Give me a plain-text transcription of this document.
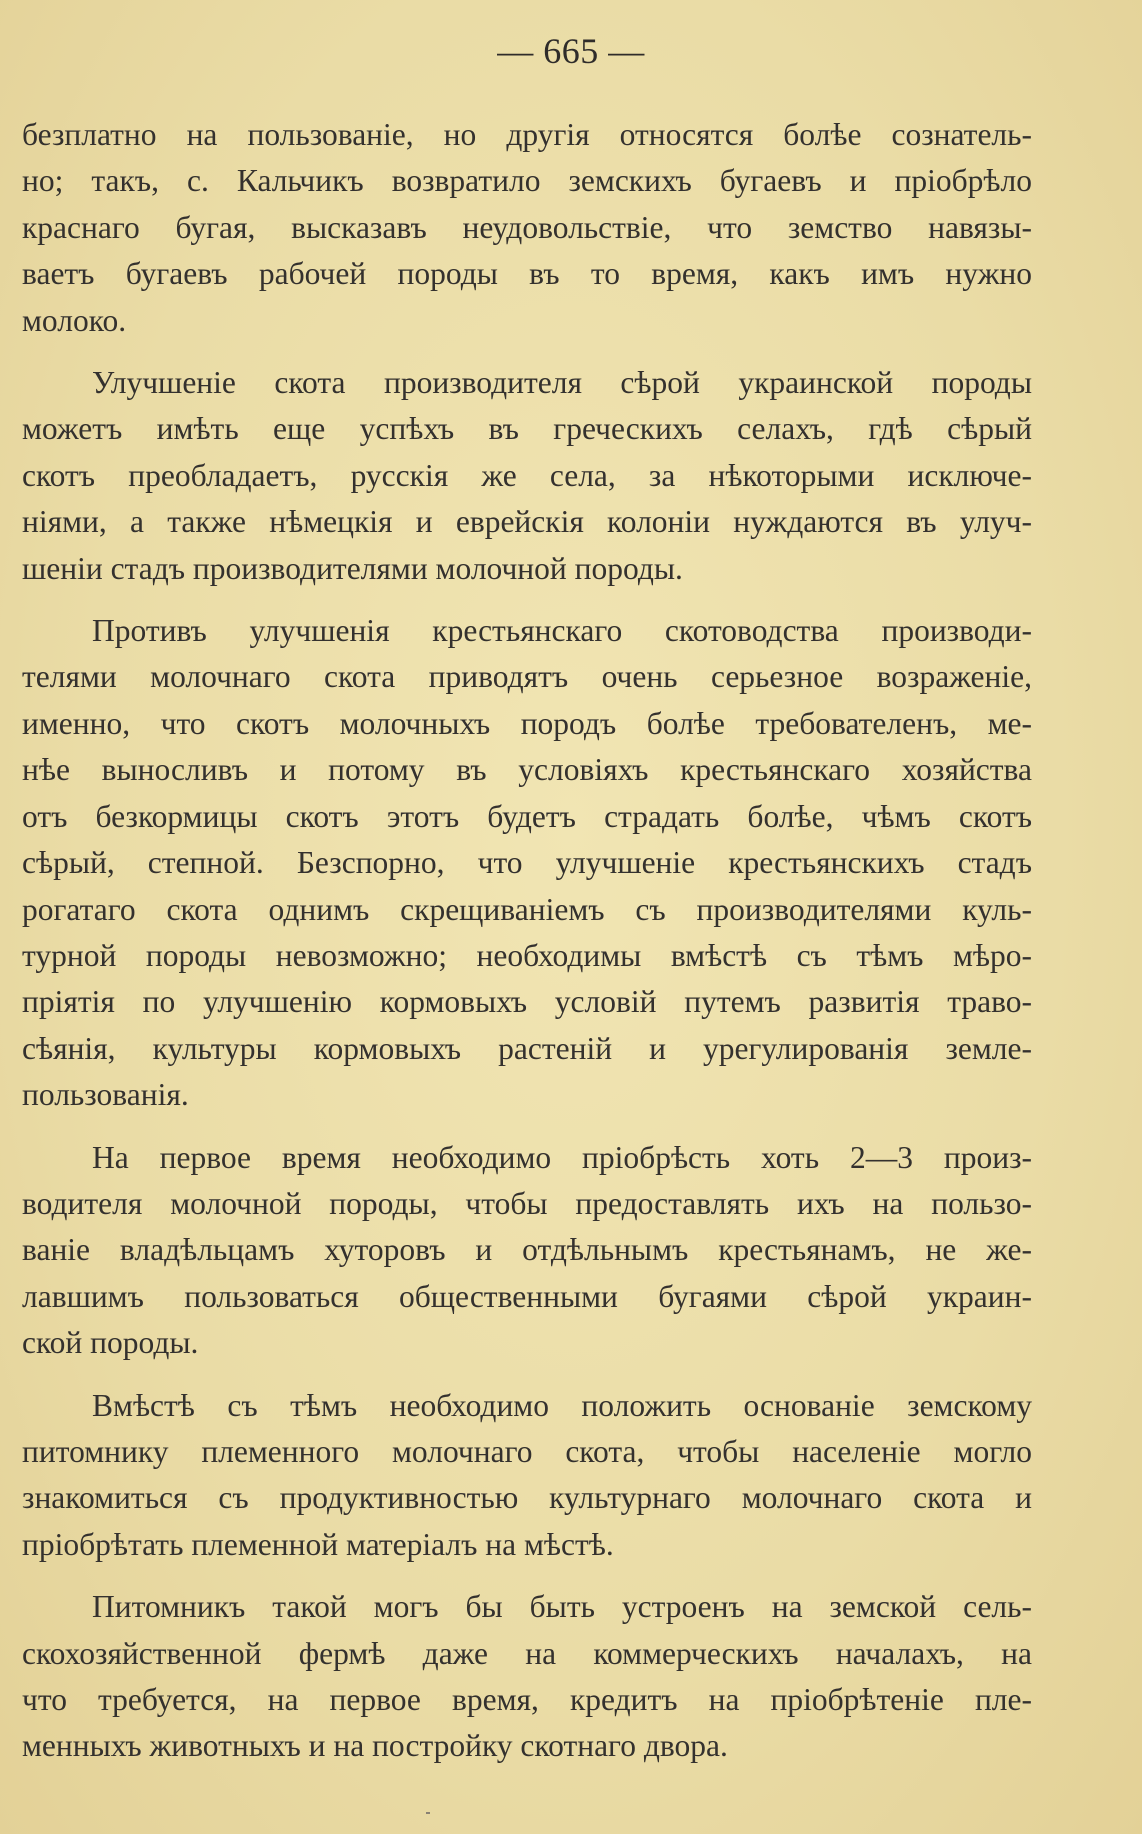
— 665 —
безплатно на пользованіе, но другія относятся болѣе сознатель-
но; такъ, с. Кальчикъ возвратило земскихъ бугаевъ и пріобрѣло
краснаго бугая, высказавъ неудовольствіе, что земство навязы-
ваетъ бугаевъ рабочей породы въ то время, какъ имъ нужно
молоко.
Улучшеніе скота производителя сѣрой украинской породы
можетъ имѣть еще успѣхъ въ греческихъ селахъ, гдѣ сѣрый
скотъ преобладаетъ, русскія же села, за нѣкоторыми исключе-
ніями, а также нѣмецкія и еврейскія колоніи нуждаются въ улуч-
шеніи стадъ производителями молочной породы.
Противъ улучшенія крестьянскаго скотоводства производи-
телями молочнаго скота приводятъ очень серьезное возраженіе,
именно, что скотъ молочныхъ породъ болѣе требователенъ, ме-
нѣе выносливъ и потому въ условіяхъ крестьянскаго хозяйства
отъ безкормицы скотъ этотъ будетъ страдать болѣе, чѣмъ скотъ
сѣрый, степной. Безспорно, что улучшеніе крестьянскихъ стадъ
рогатаго скота однимъ скрещиваніемъ съ производителями куль-
турной породы невозможно; необходимы вмѣстѣ съ тѣмъ мѣро-
пріятія по улучшенію кормовыхъ условій путемъ развитія траво-
сѣянія, культуры кормовыхъ растеній и урегулированія земле-
пользованія.
На первое время необходимо пріобрѣсть хоть 2—3 произ-
водителя молочной породы, чтобы предоставлять ихъ на пользо-
ваніе владѣльцамъ хуторовъ и отдѣльнымъ крестьянамъ, не же-
лавшимъ пользоваться общественными бугаями сѣрой украин-
ской породы.
Вмѣстѣ съ тѣмъ необходимо положить основаніе земскому
питомнику племенного молочнаго скота, чтобы населеніе могло
знакомиться съ продуктивностью культурнаго молочнаго скота и
пріобрѣтать племенной матеріалъ на мѣстѣ.
Питомникъ такой могъ бы быть устроенъ на земской сель-
скохозяйственной фермѣ даже на коммерческихъ началахъ, на
что требуется, на первое время, кредитъ на пріобрѣтеніе пле-
менныхъ животныхъ и на постройку скотнаго двора.
